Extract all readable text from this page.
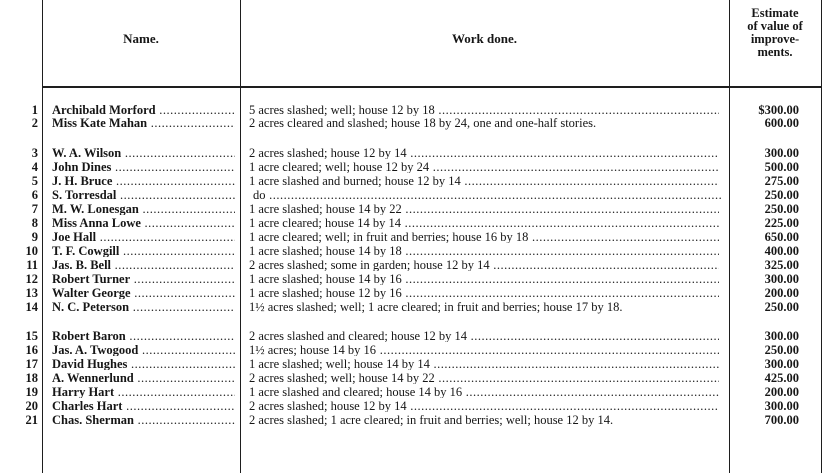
Name.	Work done.
Estimate
of value of
improve-
ments.
1 Archibald Morford .....	5 acres slashed; well; house 12 by 18 .....	$300.00
2 Miss Kate Mahan .....	2 acres cleared and slashed; house 18 by 24, one and one-half stories.	600.00
3 W. A. Wilson .....	2 acres slashed; house 12 by 14 .....	300.00
4 John Dines .....	1 acre cleared; well; house 12 by 24 .....	500.00
5 J. H. Bruce .....	1 acre slashed and burned; house 12 by 14 .....	275.00
6 S. Torresdal .....	do .....	250.00
7 M. W. Lonesgan .....	1 acre slashed; house 14 by 22 .....	250.00
8 Miss Anna Lowe .....	1 acre cleared; house 14 by 14 .....	225.00
9 Joe Hall .....	1 acre cleared; well; in fruit and berries; house 16 by 18 .....	650.00
10 T. F. Cowgill .....	1 acre slashed; house 14 by 18 .....	400.00
11 Jas. B. Bell .....	2 acres slashed; some in garden; house 12 by 14 .....	325.00
12 Robert Turner .....	1 acre slashed; house 14 by 16 .....	300.00
13 Walter George .....	1 acre slashed; house 12 by 16 .....	200.00
14 N. C. Peterson .....	1½ acres slashed; well; 1 acre cleared; in fruit and berries; house 17 by 18.	250.00
15 Robert Baron .....	2 acres slashed and cleared; house 12 by 14 .....	300.00
16 Jas. A. Twogood .....	1½ acres; house 14 by 16 .....	250.00
17 David Hughes .....	1 acre slashed; well; house 14 by 14 .....	300.00
18 A. Wennerlund .....	2 acres slashed; well; house 14 by 22 .....	425.00
19 Harry Hart .....	1 acre slashed and cleared; house 14 by 16 .....	200.00
20 Charles Hart .....	2 acres slashed; house 12 by 14 .....	300.00
21 Chas. Sherman .....	2 acres slashed; 1 acre cleared; in fruit and berries; well; house 12 by 14.	700.00
